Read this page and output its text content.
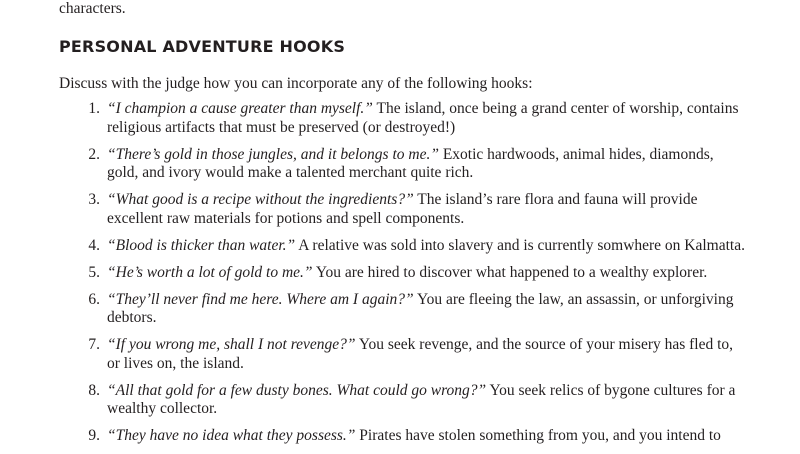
characters.
PERSONAL ADVENTURE HOOKS
Discuss with the judge how you can incorporate any of the following hooks:
1. “I champion a cause greater than myself.” The island, once being a grand center of worship, contains religious artifacts that must be preserved (or destroyed!)
2. “There’s gold in those jungles, and it belongs to me.” Exotic hardwoods, animal hides, diamonds, gold, and ivory would make a talented merchant quite rich.
3. “What good is a recipe without the ingredients?” The island’s rare flora and fauna will provide excellent raw materials for potions and spell components.
4. “Blood is thicker than water.” A relative was sold into slavery and is currently somwhere on Kalmatta.
5. “He’s worth a lot of gold to me.” You are hired to discover what happened to a wealthy explorer.
6. “They’ll never find me here. Where am I again?” You are fleeing the law, an assassin, or unforgiving debtors.
7. “If you wrong me, shall I not revenge?” You seek revenge, and the source of your misery has fled to, or lives on, the island.
8. “All that gold for a few dusty bones. What could go wrong?” You seek relics of bygone cultures for a wealthy collector.
9. “They have no idea what they possess.” Pirates have stolen something from you, and you intend to
